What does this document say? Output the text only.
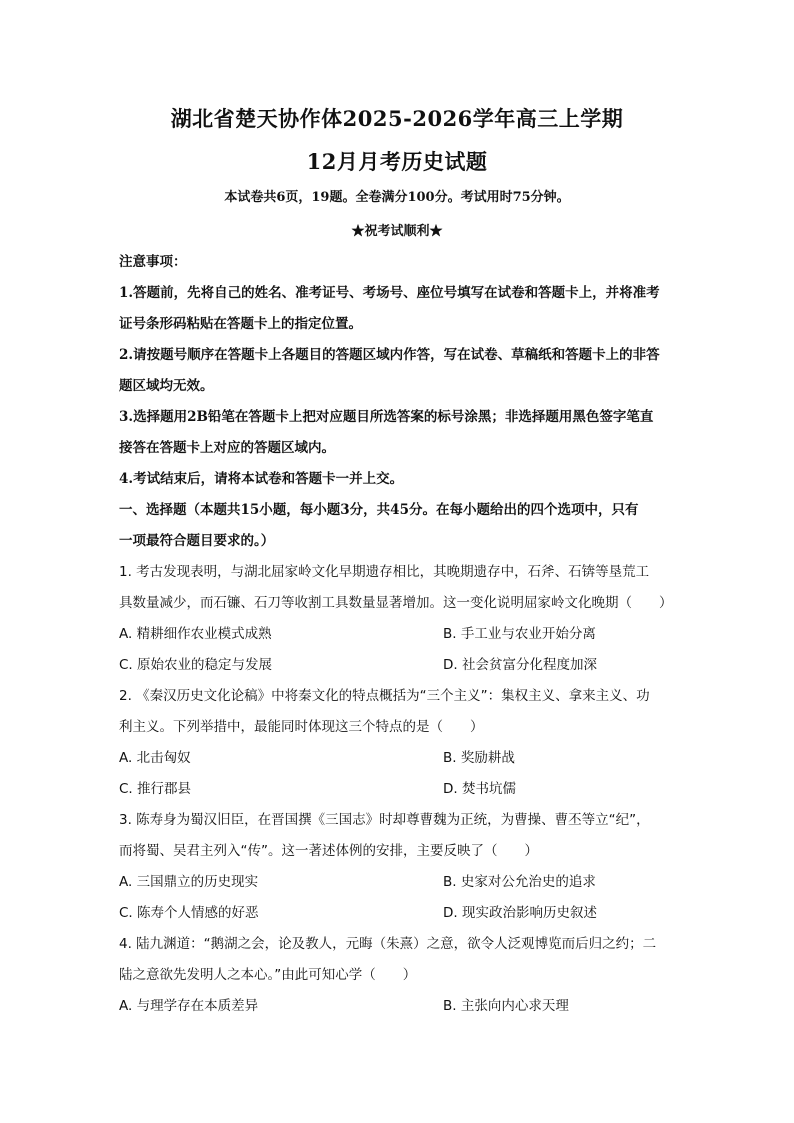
湖北省楚天协作体2025-2026学年高三上学期
12月月考历史试题
本试卷共6页，19题。全卷满分100分。考试用时75分钟。
★祝考试顺利★
注意事项：
1.答题前，先将自己的姓名、准考证号、考场号、座位号填写在试卷和答题卡上，并将准考
证号条形码粘贴在答题卡上的指定位置。
2.请按题号顺序在答题卡上各题目的答题区域内作答，写在试卷、草稿纸和答题卡上的非答
题区域均无效。
3.选择题用2B铅笔在答题卡上把对应题目所选答案的标号涂黑；非选择题用黑色签字笔直
接答在答题卡上对应的答题区域内。
4.考试结束后，请将本试卷和答题卡一并上交。
一、选择题（本题共15小题，每小题3分，共45分。在每小题给出的四个选项中，只有
一项最符合题目要求的。）
1. 考古发现表明，与湖北屈家岭文化早期遗存相比，其晚期遗存中，石斧、石锛等垦荒工
具数量减少，而石镰、石刀等收割工具数量显著增加。这一变化说明屈家岭文化晚期（　　）
A. 精耕细作农业模式成熟	B. 手工业与农业开始分离
C. 原始农业的稳定与发展	D. 社会贫富分化程度加深
2. 《秦汉历史文化论稿》中将秦文化的特点概括为“三个主义”：集权主义、拿来主义、功
利主义。下列举措中，最能同时体现这三个特点的是（　　）
A. 北击匈奴	B. 奖励耕战
C. 推行郡县	D. 焚书坑儒
3. 陈寿身为蜀汉旧臣，在晋国撰《三国志》时却尊曹魏为正统，为曹操、曹丕等立“纪”，
而将蜀、吴君主列入“传”。这一著述体例的安排，主要反映了（　　）
A. 三国鼎立的历史现实	B. 史家对公允治史的追求
C. 陈寿个人情感的好恶	D. 现实政治影响历史叙述
4. 陆九渊道：“鹅湖之会，论及教人，元晦（朱熹）之意，欲令人泛观博览而后归之约；二
陆之意欲先发明人之本心。”由此可知心学（　　）
A. 与理学存在本质差异	B. 主张向内心求天理
